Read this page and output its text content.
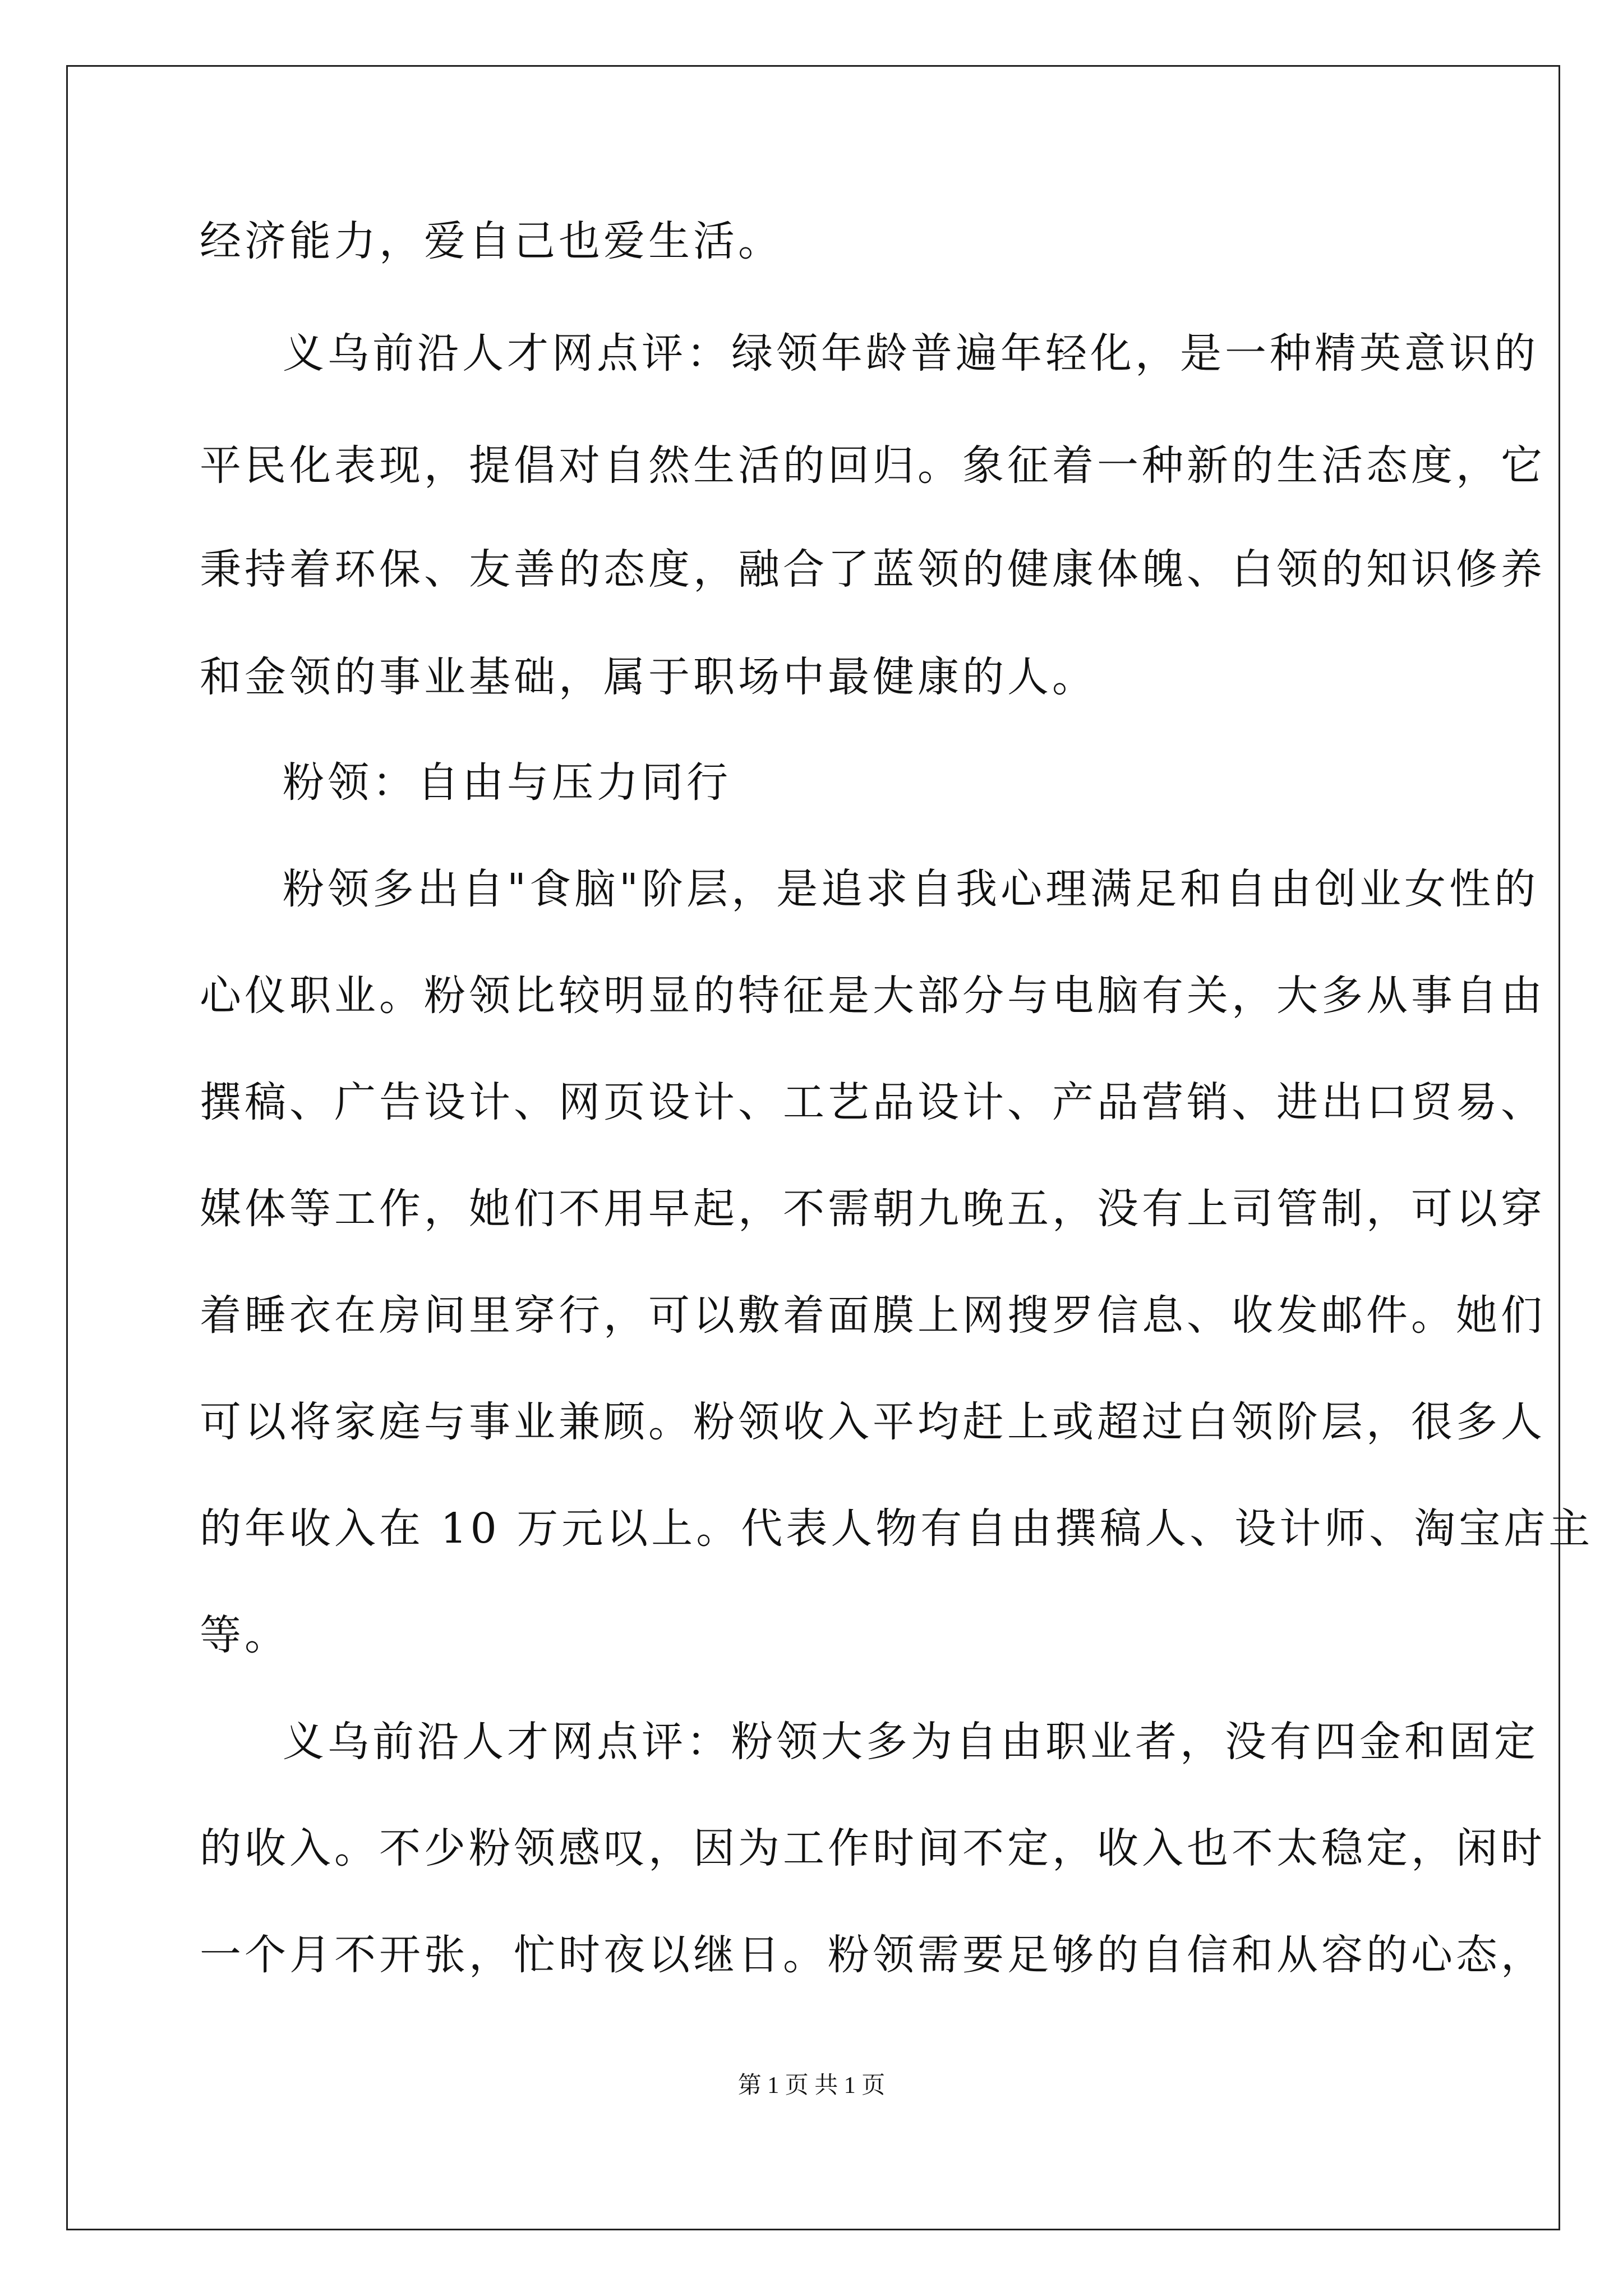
经济能力，爱自己也爱生活。
义乌前沿人才网点评：绿领年龄普遍年轻化，是一种精英意识的
平民化表现，提倡对自然生活的回归。象征着一种新的生活态度，它
秉持着环保、友善的态度，融合了蓝领的健康体魄、白领的知识修养
和金领的事业基础，属于职场中最健康的人。
粉领：自由与压力同行
粉领多出自"食脑"阶层，是追求自我心理满足和自由创业女性的
心仪职业。粉领比较明显的特征是大部分与电脑有关，大多从事自由
撰稿、广告设计、网页设计、工艺品设计、产品营销、进出口贸易、
媒体等工作，她们不用早起，不需朝九晚五，没有上司管制，可以穿
着睡衣在房间里穿行，可以敷着面膜上网搜罗信息、收发邮件。她们
可以将家庭与事业兼顾。粉领收入平均赶上或超过白领阶层，很多人
的年收入在 10 万元以上。代表人物有自由撰稿人、设计师、淘宝店主
等。
义乌前沿人才网点评：粉领大多为自由职业者，没有四金和固定
的收入。不少粉领感叹，因为工作时间不定，收入也不太稳定，闲时
一个月不开张，忙时夜以继日。粉领需要足够的自信和从容的心态，
第 1 页 共 1 页
